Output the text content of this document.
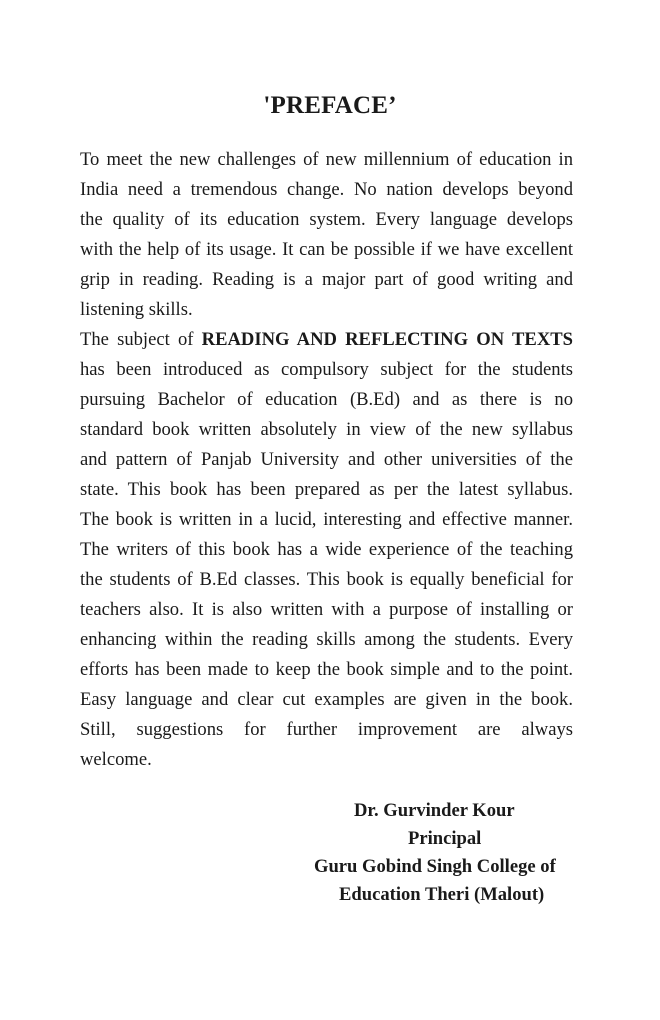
'PREFACE’
To meet the new challenges of new millennium of education in
India need a tremendous change. No nation develops beyond
the quality of its education system. Every language develops
with the help of its usage. It can be possible if we have excellent
grip in reading. Reading is a major part of good writing and
listening skills.
The subject of READING AND REFLECTING ON TEXTS
has been introduced as compulsory subject for the students
pursuing Bachelor of education (B.Ed) and as there is no
standard book written absolutely in view of the new syllabus
and pattern of Panjab University and other universities of the
state. This book has been prepared as per the latest syllabus.
The book is written in a lucid, interesting and effective manner.
The writers of this book has a wide experience of the teaching
the students of B.Ed classes. This book is equally beneficial for
teachers also. It is also written with a purpose of installing or
enhancing within the reading skills among the students. Every
efforts has been made to keep the book simple and to the point.
Easy language and clear cut examples are given in the book.
Still, suggestions for further improvement are always
welcome.
Dr. Gurvinder Kour
Principal
Guru Gobind Singh College of
Education Theri (Malout)
